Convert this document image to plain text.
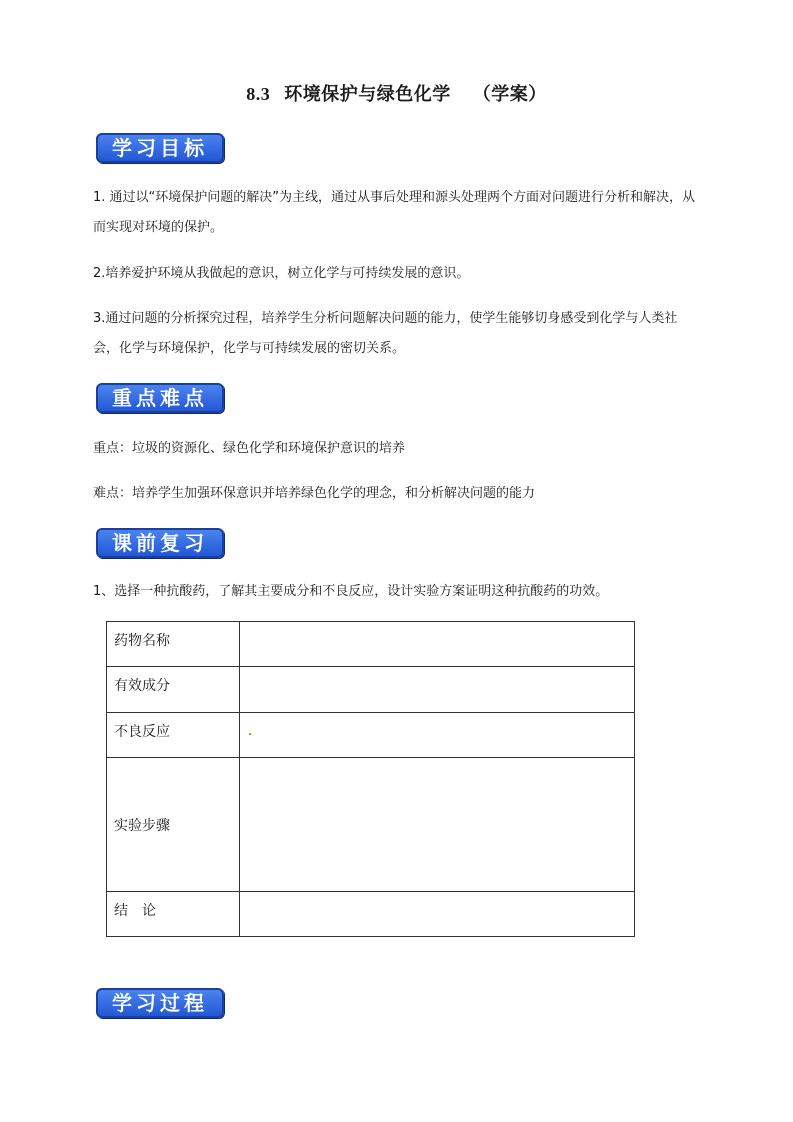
8.3 环境保护与绿色化学 （学案）
学习目标
1. 通过以“环境保护问题的解决”为主线，通过从事后处理和源头处理两个方面对问题进行分析和解决，从而实现对环境的保护。
2.培养爱护环境从我做起的意识，树立化学与可持续发展的意识。
3.通过问题的分析探究过程，培养学生分析问题解决问题的能力，使学生能够切身感受到化学与人类社会，化学与环境保护，化学与可持续发展的密切关系。
重点难点
重点：垃圾的资源化、绿色化学和环境保护意识的培养
难点：培养学生加强环保意识并培养绿色化学的理念，和分析解决问题的能力
课前复习
1、选择一种抗酸药，了解其主要成分和不良反应，设计实验方案证明这种抗酸药的功效。
药物名称	
有效成分	
不良反应	
实验步骤	
结　论	
学习过程
